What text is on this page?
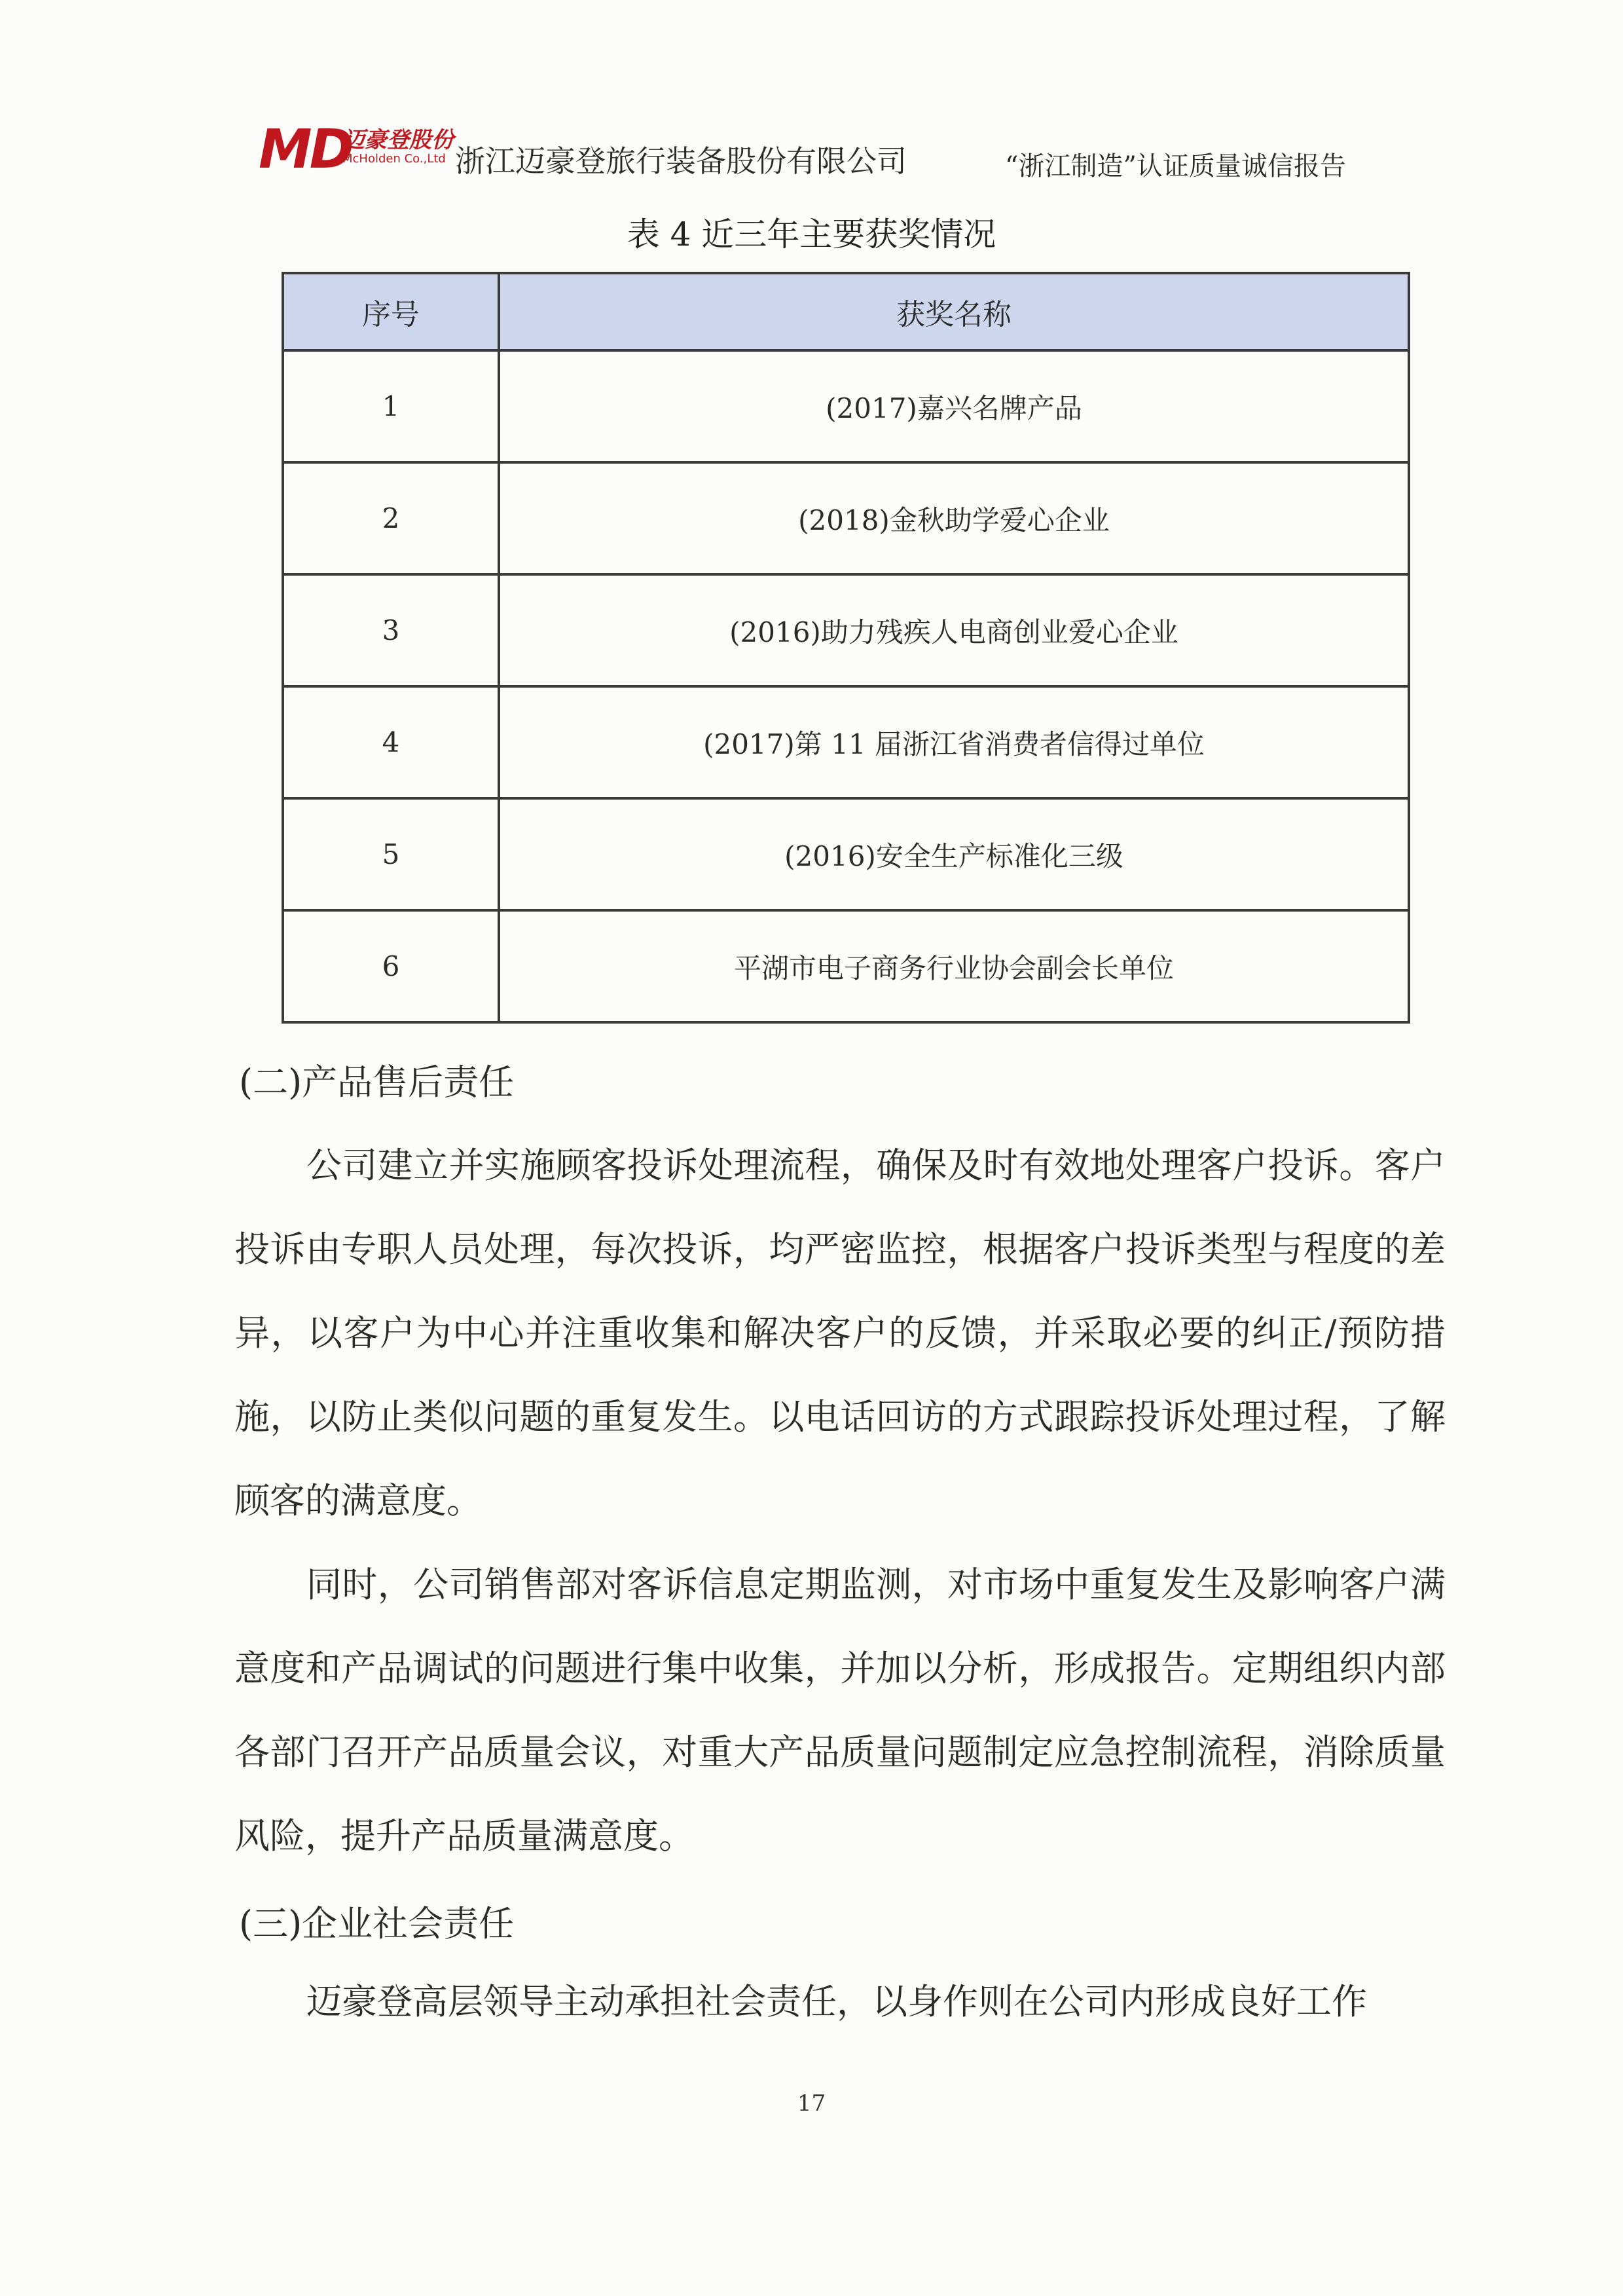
MD
迈豪登股份
McHolden Co.,Ltd 浙江迈豪登旅行装备股份有限公司	“浙江制造”认证质量诚信报告
表 4 近三年主要获奖情况
序号	获奖名称
1	(2017)嘉兴名牌产品
2	(2018)金秋助学爱心企业
3	(2016)助力残疾人电商创业爱心企业
4	(2017)第 11 届浙江省消费者信得过单位
5	(2016)安全生产标准化三级
6	平湖市电子商务行业协会副会长单位

(二)产品售后责任

公司建立并实施顾客投诉处理流程，确保及时有效地处理客户投诉。客户投诉由专职人员处理，每次投诉，均严密监控，根据客户投诉类型与程度的差异，以客户为中心并注重收集和解决客户的反馈，并采取必要的纠正/预防措施，以防止类似问题的重复发生。以电话回访的方式跟踪投诉处理过程，了解顾客的满意度。

同时，公司销售部对客诉信息定期监测，对市场中重复发生及影响客户满意度和产品调试的问题进行集中收集，并加以分析，形成报告。定期组织内部各部门召开产品质量会议，对重大产品质量问题制定应急控制流程，消除质量风险，提升产品质量满意度。

(三)企业社会责任

迈豪登高层领导主动承担社会责任，以身作则在公司内形成良好工作

17
